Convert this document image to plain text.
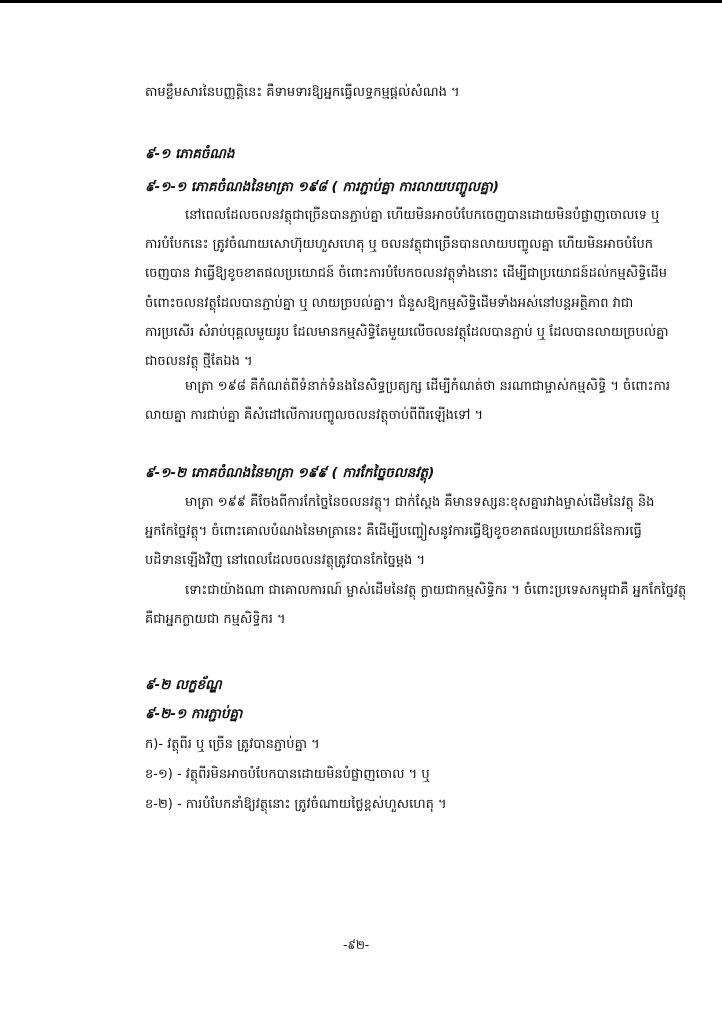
តាមខ្លឹមសារនៃបញ្ញត្តិនេះ គឺទាមទារឱ្យអ្នកធ្វើលទ្ធកម្មផ្ដល់សំណង ។
៩-១ ភោគចំណង
៩-១-១ ភោគចំណងនៃមាត្រា ១៩៨ ( ការភ្ជាប់គ្នា ការលាយបញ្ចូលគ្នា)
នៅពេលដែលចលនវត្ថុជាច្រើនបានភ្ជាប់គ្នា ហើយមិនអាចបំបែកចេញបានដោយមិនបំផ្លាញចោលទេ ឬ
ការបំបែកនេះ ត្រូវចំណាយសោហ៊ុយហួសហេតុ ឬ ចលនវត្ថុជាច្រើនបានលាយបញ្ចូលគ្នា ហើយមិនអាចបំបែក
ចេញបាន វាធ្វើឱ្យខូចខាតផលប្រយោជន៍ ចំពោះការបំបែកចលនវត្ថុទាំងនោះ ដើម្បីជាប្រយោជន៍ដល់កម្មសិទ្ធិដើម
ចំពោះចលនវត្ថុដែលបានភ្ជាប់គ្នា ឬ លាយច្របល់គ្នា។ ជំនួសឱ្យកម្មសិទ្ធិដើមទាំងអស់នៅបន្តអត្ថិភាព វាជា
ការប្រសើរ សំរាប់បុគ្គលមួយរូប ដែលមានកម្មសិទ្ធិតែមួយលើចលនវត្ថុដែលបានភ្ជាប់ ឬ ដែលបានលាយច្របល់គ្នា
ជាចលនវត្ថុ ថ្មីតែឯង ។
មាត្រា ១៩៨ គឺកំណត់ពីទំនាក់ទំនងនៃសិទ្ធប្រត្យក្ស ដើម្បីកំណត់ថា នរណាជាម្ចាស់កម្មសិទ្ធិ ។ ចំពោះការ
លាយគ្នា ការជាប់គ្នា គឺសំដៅលើការបញ្ចូលចលនវត្ថុចាប់ពីពីរឡើងទៅ ។
៩-១-២ ភោគចំណងនៃមាត្រា ១៩៩ ( ការកែច្នៃចលនវត្ថុ)
មាត្រា ១៩៩ គឺចែងពីការកែច្នៃនៃចលនវត្ថុ។ ជាក់ស្ដែង គឺមានទស្សនៈខុសគ្នារវាងម្ចាស់ដើមនៃវត្ថុ និង
អ្នកកែច្នៃវត្ថុ។ ចំពោះគោលបំណងនៃមាត្រានេះ គឺដើម្បីបញ្ចៀសនូវការធ្វើឱ្យខូចខាតផលប្រយោជន៍នៃការធ្វើ
បដិទានឡើងវិញ នៅពេលដែលចលនវត្ថុត្រូវបានកែច្នៃម្ដង ។
ទោះជាយ៉ាងណា ជាគោលការណ៍ ម្ចាស់ដើមនៃវត្ថុ ក្លាយជាកម្មសិទ្ធិករ ។ ចំពោះប្រទេសកម្ពុជាគឺ អ្នកកែច្នៃវត្ថុ
គឺជាអ្នកក្លាយជា កម្មសិទ្ធិករ ។
៩-២ លក្ខខ័ណ្ឌ
៩-២-១ ការភ្ជាប់គ្នា
ក)- វត្ថុពីរ ឬ ច្រើន ត្រូវបានភ្ជាប់គ្នា ។
ខ-១) - វត្ថុពីរមិនអាចបំបែកបានដោយមិនបំផ្លាញចោល ។ ឬ
ខ-២) - ការបំបែកនាំឱ្យវត្ថុនោះ ត្រូវចំណាយថ្លៃខ្ពស់ហួសហេតុ ។
-៩២-
